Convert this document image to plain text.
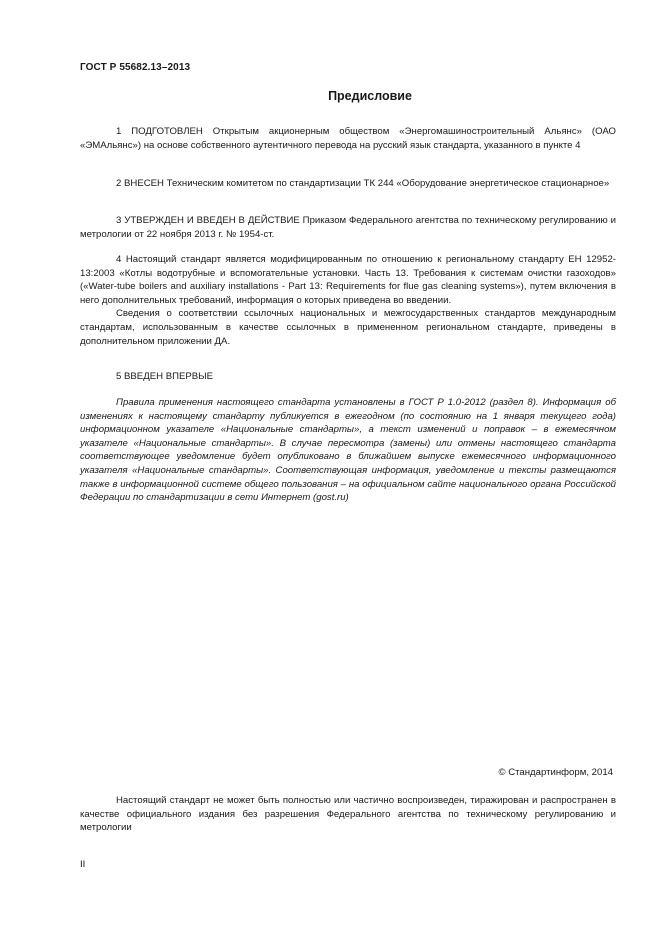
ГОСТ Р 55682.13–2013
Предисловие

1 ПОДГОТОВЛЕН Открытым акционерным обществом «Энергомашиностроительный Альянс» (ОАО «ЭМАльянс») на основе собственного аутентичного перевода на русский язык стандарта, указанного в пункте 4

2 ВНЕСЕН Техническим комитетом по стандартизации ТК 244 «Оборудование энергетическое стационарное»

3 УТВЕРЖДЕН И ВВЕДЕН В ДЕЙСТВИЕ Приказом Федерального агентства по техническому регулированию и метрологии от 22 ноября 2013 г. № 1954-ст.

4 Настоящий стандарт является модифицированным по отношению к региональному стандарту ЕН 12952-13:2003 «Котлы водотрубные и вспомогательные установки. Часть 13. Требования к системам очистки газоходов» («Water-tube boilers and auxiliary installations - Part 13: Requirements for flue gas cleaning systems»), путем включения в него дополнительных требований, информация о которых приведена во введении.

Сведения о соответствии ссылочных национальных и межгосударственных стандартов международным стандартам, использованным в качестве ссылочных в примененном региональном стандарте, приведены в дополнительном приложении ДА.

5 ВВЕДЕН ВПЕРВЫЕ

Правила применения настоящего стандарта установлены в ГОСТ Р 1.0-2012 (раздел 8). Информация об изменениях к настоящему стандарту публикуется в ежегодном (по состоянию на 1 января текущего года) информационном указателе «Национальные стандарты», а текст изменений и поправок – в ежемесячном указателе «Национальные стандарты». В случае пересмотра (замены) или отмены настоящего стандарта соответствующее уведомление будет опубликовано в ближайшем выпуске ежемесячного информационного указателя «Национальные стандарты». Соответствующая информация, уведомление и тексты размещаются также в информационной системе общего пользования – на официальном сайте национального органа Российской Федерации по стандартизации в сети Интернет (gost.ru)

© Стандартинформ, 2014

Настоящий стандарт не может быть полностью или частично воспроизведен, тиражирован и распространен в качестве официального издания без разрешения Федерального агентства по техническому регулированию и метрологии

II
